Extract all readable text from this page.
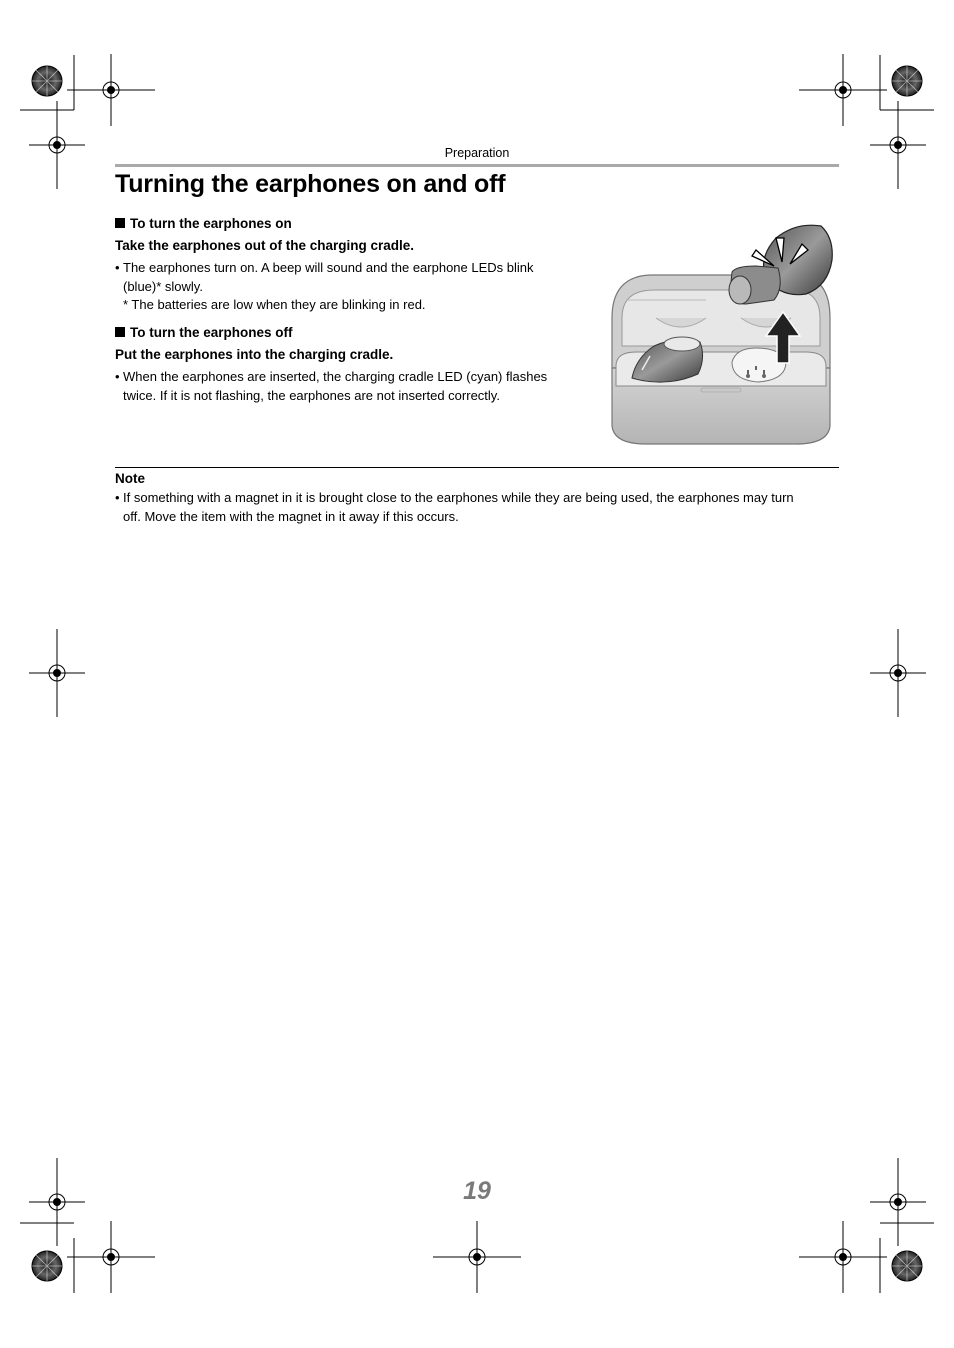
Preparation
Turning the earphones on and off
To turn the earphones on
Take the earphones out of the charging cradle.
• The earphones turn on. A beep will sound and the earphone LEDs blink
(blue)* slowly.
* The batteries are low when they are blinking in red.
To turn the earphones off
Put the earphones into the charging cradle.
• When the earphones are inserted, the charging cradle LED (cyan) flashes
twice. If it is not flashing, the earphones are not inserted correctly.
Note
• If something with a magnet in it is brought close to the earphones while they are being used, the earphones may turn
off. Move the item with the magnet in it away if this occurs.
19
